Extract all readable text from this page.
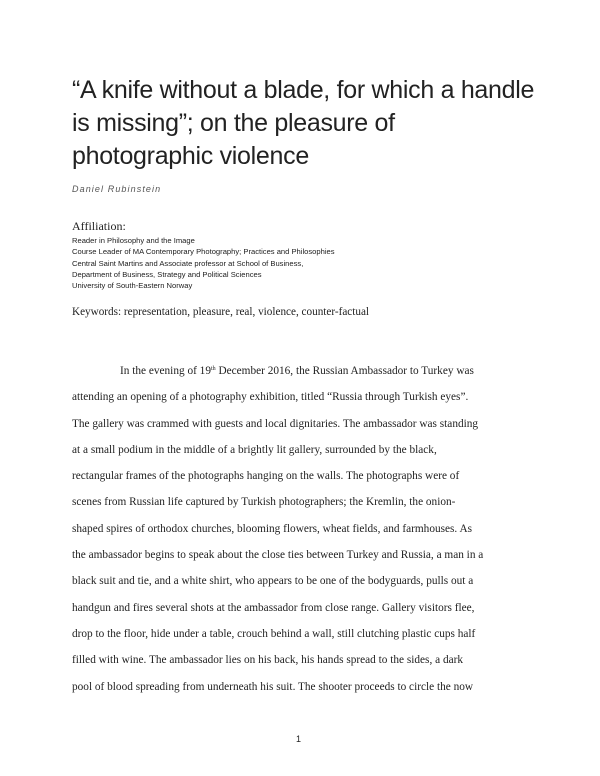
“A knife without a blade, for which a handle
is missing”; on the pleasure of
photographic violence
Daniel Rubinstein
Affiliation:
Reader in Philosophy and the Image
Course Leader of MA Contemporary Photography; Practices and Philosophies
Central Saint Martins and Associate professor at School of Business,
Department of Business, Strategy and Political Sciences
University of South-Eastern Norway
Keywords: representation, pleasure, real, violence, counter-factual
In the evening of 19th December 2016, the Russian Ambassador to Turkey was
attending an opening of a photography exhibition, titled “Russia through Turkish eyes”.
The gallery was crammed with guests and local dignitaries. The ambassador was standing
at a small podium in the middle of a brightly lit gallery, surrounded by the black,
rectangular frames of the photographs hanging on the walls. The photographs were of
scenes from Russian life captured by Turkish photographers; the Kremlin, the onion-
shaped spires of orthodox churches, blooming flowers, wheat fields, and farmhouses. As
the ambassador begins to speak about the close ties between Turkey and Russia, a man in a
black suit and tie, and a white shirt, who appears to be one of the bodyguards, pulls out a
handgun and fires several shots at the ambassador from close range. Gallery visitors flee,
drop to the floor, hide under a table, crouch behind a wall, still clutching plastic cups half
filled with wine. The ambassador lies on his back, his hands spread to the sides, a dark
pool of blood spreading from underneath his suit. The shooter proceeds to circle the now
1
